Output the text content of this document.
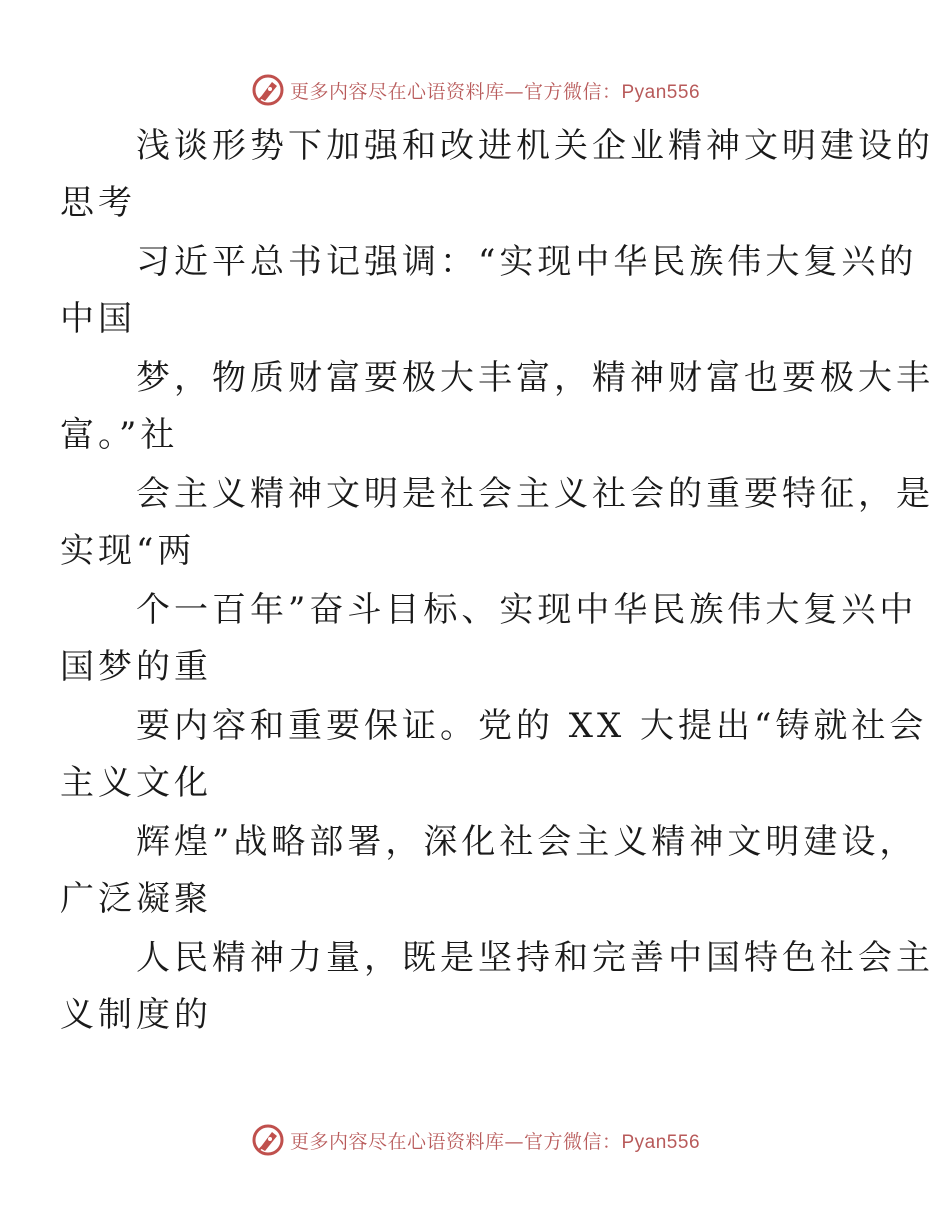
更多内容尽在心语资料库—官方微信：Pyan556

浅谈形势下加强和改进机关企业精神文明建设的
思考

习近平总书记强调：“实现中华民族伟大复兴的
中国

梦，物质财富要极大丰富，精神财富也要极大丰
富。”社

会主义精神文明是社会主义社会的重要特征，是
实现“两

个一百年”奋斗目标、实现中华民族伟大复兴中
国梦的重

要内容和重要保证。党的 XX 大提出“铸就社会
主义文化

辉煌”战略部署，深化社会主义精神文明建设，
广泛凝聚

人民精神力量，既是坚持和完善中国特色社会主
义制度的

更多内容尽在心语资料库—官方微信：Pyan556
